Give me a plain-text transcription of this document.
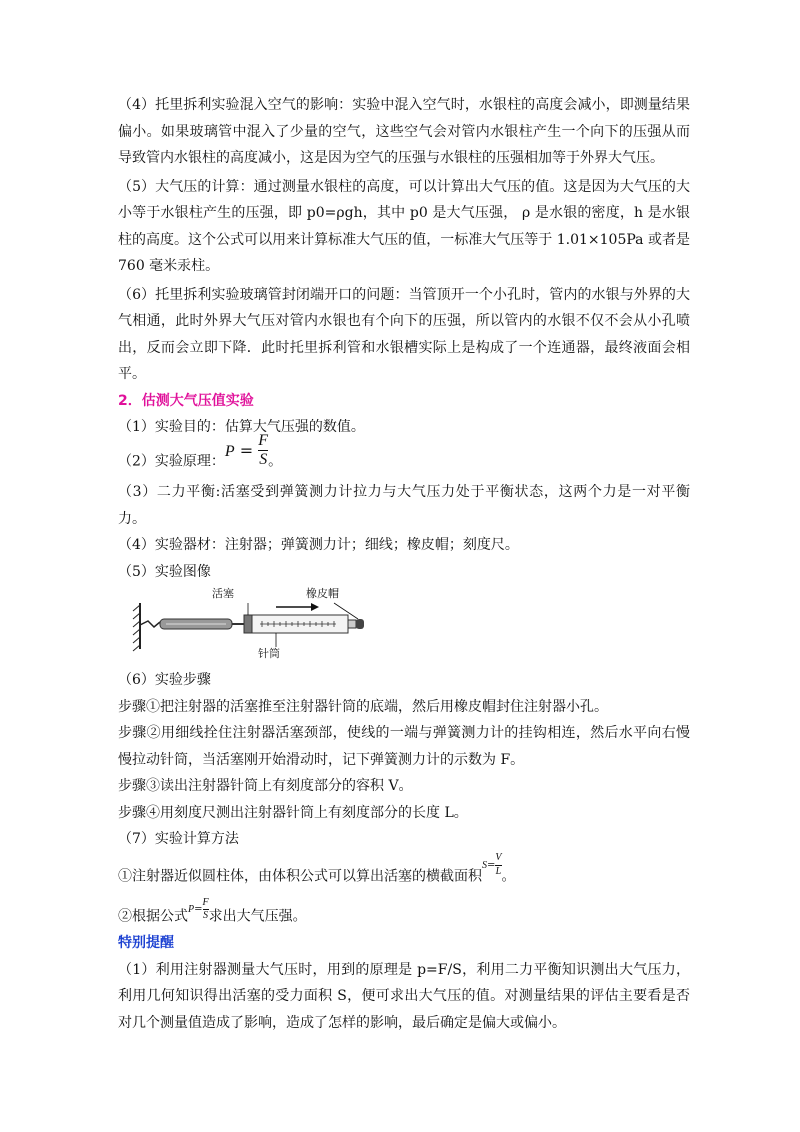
（4）托里拆利实验混入空气的影响：实验中混入空气时，水银柱的高度会减小，即测量结果偏小。如果玻璃管中混入了少量的空气，这些空气会对管内水银柱产生一个向下的压强从而导致管内水银柱的高度减小，这是因为空气的压强与水银柱的压强相加等于外界大气压。

（5）大气压的计算：通过测量水银柱的高度，可以计算出大气压的值。这是因为大气压的大小等于水银柱产生的压强，即 p0=ρgh，其中 p0 是大气压强， ρ 是水银的密度，h 是水银柱的高度。这个公式可以用来计算标准大气压的值，一标准大气压等于 1.01×105Pa 或者是 760 毫米汞柱。

（6）托里拆利实验玻璃管封闭端开口的问题：当管顶开一个小孔时，管内的水银与外界的大气相通，此时外界大气压对管内水银也有个向下的压强，所以管内的水银不仅不会从小孔喷出，反而会立即下降．此时托里拆利管和水银槽实际上是构成了一个连通器，最终液面会相平。

2．估测大气压值实验

（1）实验目的：估算大气压强的数值。

（2）实验原理：$P = \frac{F}{S}$ 。

（3）二力平衡:活塞受到弹簧测力计拉力与大气压力处于平衡状态，这两个力是一对平衡力。

（4）实验器材：注射器；弹簧测力计；细线；橡皮帽；刻度尺。

（5）实验图像

活塞	橡皮帽
针筒

（6）实验步骤

步骤①把注射器的活塞推至注射器针筒的底端，然后用橡皮帽封住注射器小孔。

步骤②用细线拴住注射器活塞颈部，使线的一端与弹簧测力计的挂钩相连，然后水平向右慢慢拉动针筒，当活塞刚开始滑动时，记下弹簧测力计的示数为 F。

步骤③读出注射器针筒上有刻度部分的容积 V。

步骤④用刻度尺测出注射器针筒上有刻度部分的长度 L。

（7）实验计算方法

①注射器近似圆柱体，由体积公式可以算出活塞的横截面积$S= \frac{V}{L}$ 。

②根据公式$P= \frac{F}{S}$ 求出大气压强。

特别提醒

（1）利用注射器测量大气压时，用到的原理是 p=F/S，利用二力平衡知识测出大气压力，利用几何知识得出活塞的受力面积 S，便可求出大气压的值。对测量结果的评估主要看是否对几个测量值造成了影响，造成了怎样的影响，最后确定是偏大或偏小。
